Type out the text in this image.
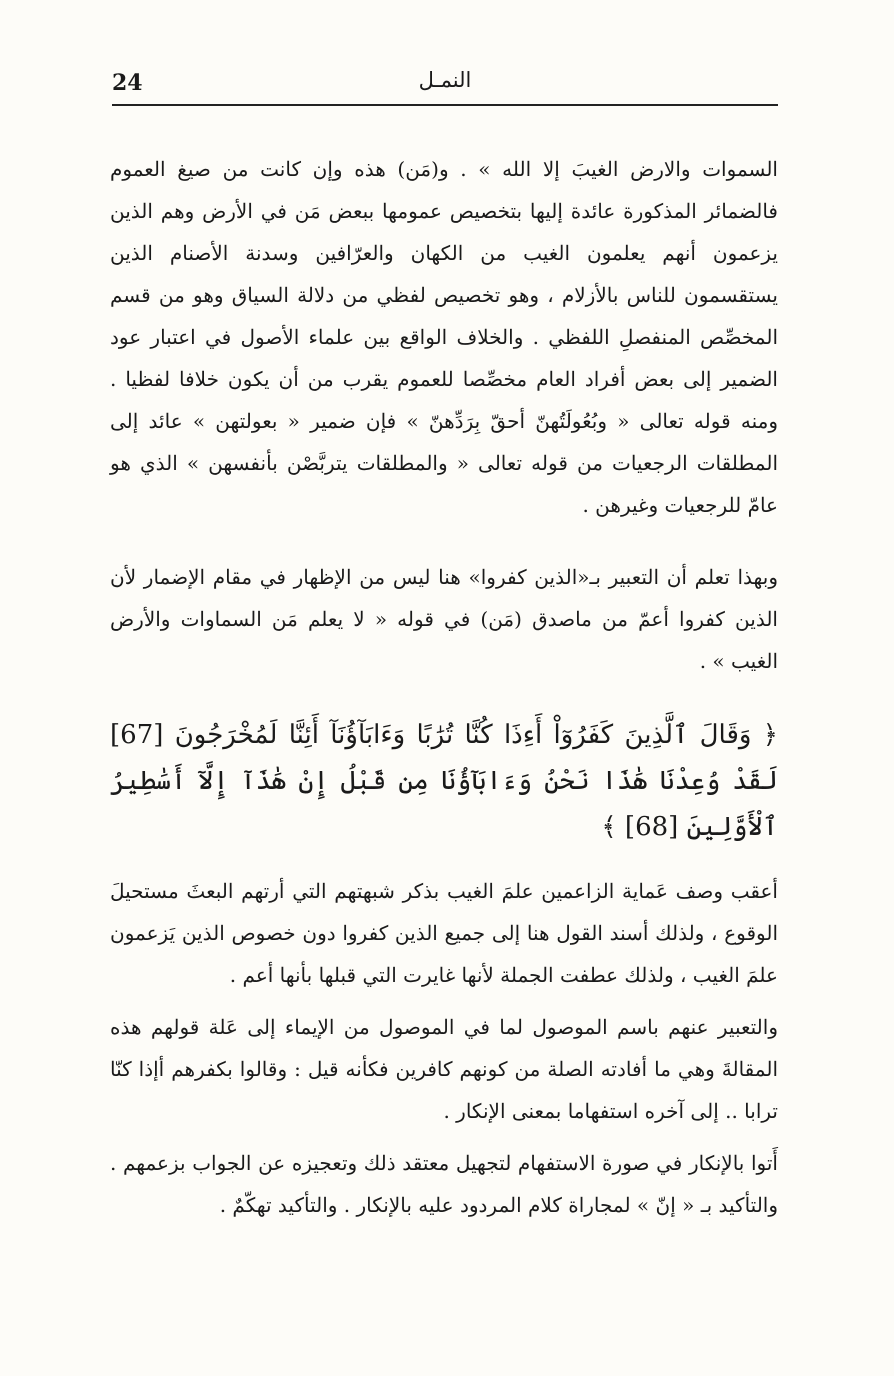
24	النمـل

السموات والارض الغيبَ إلا الله » . و(مَن) هذه وإن كانت من صيغ العموم فالضمائر المذكورة عائدة إليها بتخصيص عمومها ببعض مَن في الأرض وهم الذين يزعمون أنهم يعلمون الغيب من الكهان والعرّافين وسدنة الأصنام الذين يستقسمون للناس بالأزلام ، وهو تخصيص لفظي من دلالة السياق وهو من قسم المخصِّص المنفصلِ اللفظي . والخلاف الواقع بين علماء الأصول في اعتبار عود الضمير إلى بعض أفراد العام مخصِّصا للعموم يقرب من أن يكون خلافا لفظيا . ومنه قوله تعالى « وبُعُولَتُهنّ أحقّ بِرَدِّهنّ » فإن ضمير « بعولتهن » عائد إلى المطلقات الرجعيات من قوله تعالى « والمطلقات يتربَّصْن بأنفسهن » الذي هو عامّ للرجعيات وغيرهن .

وبهذا تعلم أن التعبير بـ«الذين كفروا» هنا ليس من الإظهار في مقام الإضمار لأن الذين كفروا أعمّ من ماصدق (مَن) في قوله « لا يعلم مَن السماوات والأرض الغيب » .

﴿ وَقَالَ ٱلَّذِينَ كَفَرُوٓاْ أَءِذَا كُنَّا تُرَٰبًا وَءَابَآؤُنَآ أَئِنَّا لَمُخْرَجُونَ [67] لَقَدْ وُعِدْنَا هَٰذَا نَحْنُ وَءَابَآؤُنَا مِن قَبْلُ إِنْ هَٰذَآ إِلَّآ أَسَٰطِيرُ ٱلْأَوَّلِينَ [68] ﴾

أعقب وصف عَماية الزاعمين علمَ الغيب بذكر شبهتهم التي أرتهم البعثَ مستحيلَ الوقوع ، ولذلك أسند القول هنا إلى جميع الذين كفروا دون خصوص الذين يَزعمون علمَ الغيب ، ولذلك عطفت الجملة لأنها غايرت التي قبلها بأنها أعم .

والتعبير عنهم باسم الموصول لما في الموصول من الإيماء إلى عَلة قولهم هذه المقالةَ وهي ما أفادته الصلة من كونهم كافرين فكأنه قيل : وقالوا بكفرهم أإذا كنّا ترابا .. إلى آخره استفهاما بمعنى الإنكار .

أَتوا بالإنكار في صورة الاستفهام لتجهيل معتقد ذلك وتعجيزه عن الجواب بزعمهم . والتأكيد بـ « إنّ » لمجاراة كلام المردود عليه بالإنكار . والتأكيد تهكّمٌ .
